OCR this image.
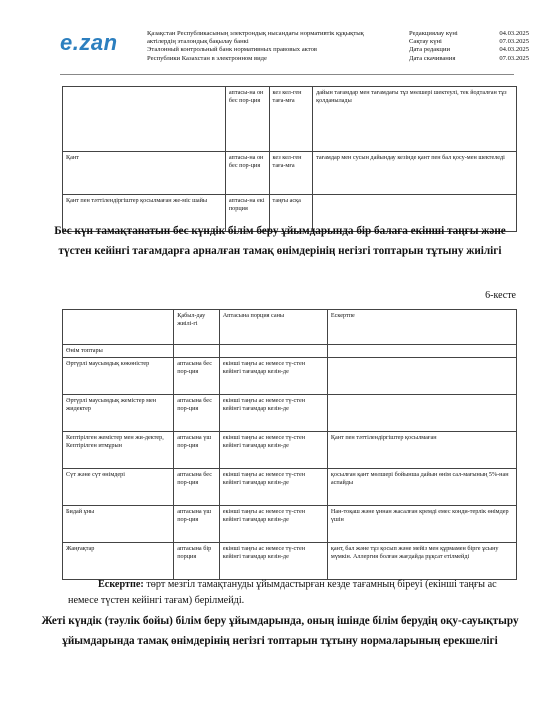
e.zan	Қазақстан Республикасының электрондық нысандағы нормативтік құқықтық
актілердің эталондық бақылау банкі
Эталонный контрольный банк нормативных правовых актов
Республики Казахстан в электронном виде
Редакциялау күні	04.03.2025
Сақтау күні	07.03.2025
Дата редакции	04.03.2025
Дата скачивания	07.03.2025
	аптасы-на он бес пор-ция	кез кел-ген таға-мға	дайын тағамдар мен тағамдағы тұз мөлшері шектеулі, тек йодталған тұз қолданылады
Қант	аптасы-на он бес пор-ция	кез кел-ген таға-мға	тағамдар мен сусын дайындау кезінде қант пен бал қосу-мен шектеледі
Қант пен тәттілендіргіштер қосылмаған же-міс шайы	аптасы-на екі порция	таңғы асқа	
Бес күн тамақтанатын бес күндік білім беру ұйымдарында бір балаға екінші таңғы және түстен кейінгі тағамдарға арналған тамақ өнімдерінің негізгі топтарын тұтыну жиілігі
6-кесте
	Қабыл-дау жиілі-гі	Аптасына порция саны	Ескертпе
Өнім топтары			
Әртүрлі маусымдық көкөністер	аптасына бес пор-ция	екінші таңғы ас немесе тү-стен кейінгі тағамдар кезін-де	
Әртүрлі маусымдық жемістер мен жидектер	аптасына бес пор-ция	екінші таңғы ас немесе тү-стен кейінгі тағамдар кезін-де	
Кептірілген жемістер мен жи-дектер, Кептірілген итмұрын	аптасына үш пор-ция	екінші таңғы ас немесе тү-стен кейінгі тағамдар кезін-де	Қант пен тәттілендіргіштер қосылмаған
Сүт және сүт өнімдері	аптасына бес пор-ция	екінші таңғы ас немесе тү-стен кейінгі тағамдар кезін-де	қосылған қант мөлшері бойынша дайын өнім сал-мағының 5%-нан аспайды
Бидай ұны	аптасына үш пор-ция	екінші таңғы ас немесе тү-стен кейінгі тағамдар кезін-де	Нан-тоқаш және ұннан жасалған кремді емес конди-терлік өнімдер үшін
Жаңғақтар	аптасына бір порция	екінші таңғы ас немесе тү-стен кейінгі тағамдар кезін-де	қант, бал және тұз қосып және мейіз мен құрмамен бірге ұсыну мүмкін. Аллергия болған жағдайда рұқсат етілмейді
Ескертпе: төрт мезгіл тамақтануды ұйымдастырған кезде тағамның біреуі (екінші таңғы ас немесе түстен кейінгі тағам) берілмейді.
Жеті күндік (тәулік бойы) білім беру ұйымдарында, оның ішінде білім берудің оқу-сауықтыру ұйымдарында тамақ өнімдерінің негізгі топтарын тұтыну нормаларының ерекшелігі
